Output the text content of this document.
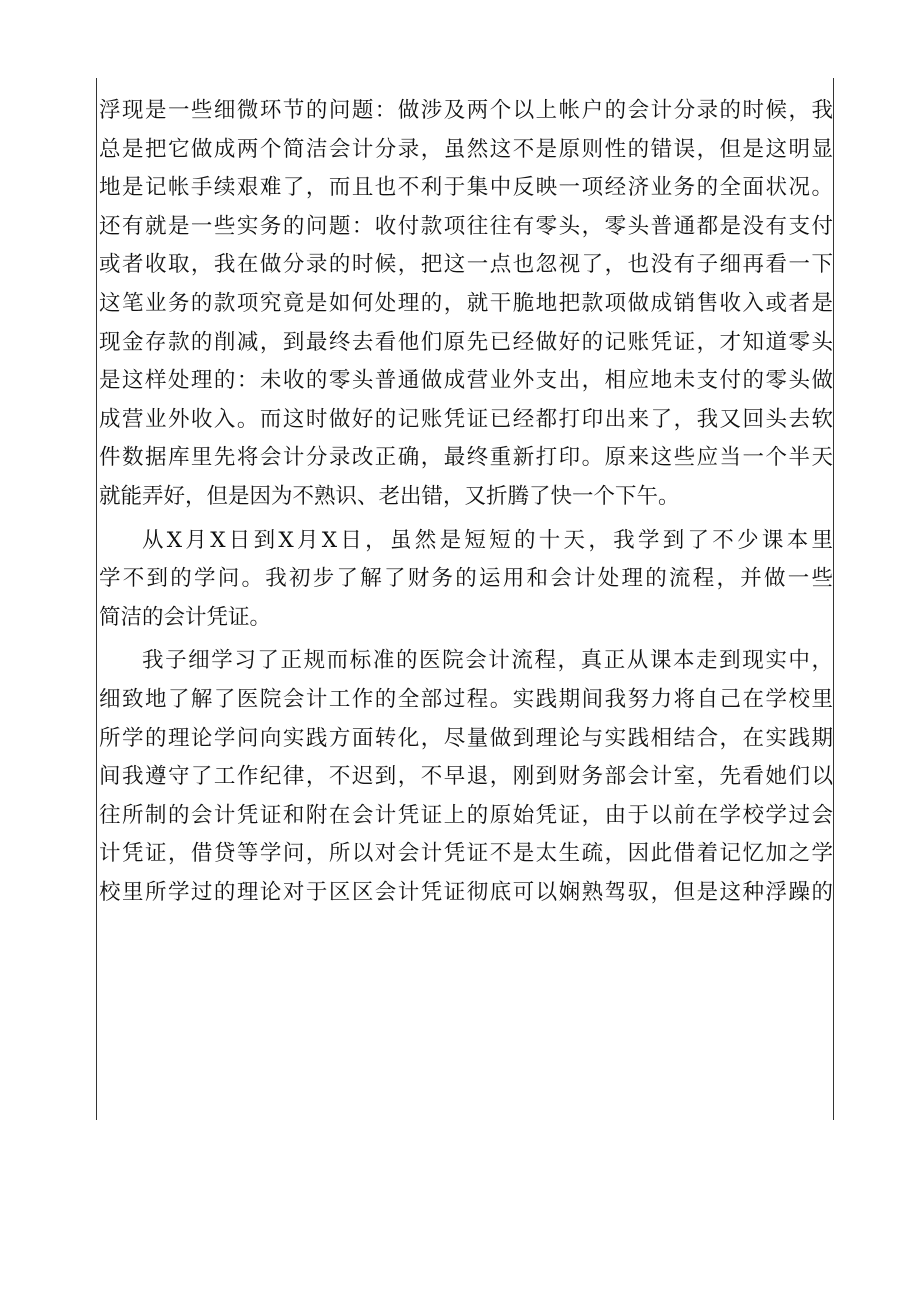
浮现是一些细微环节的问题：做涉及两个以上帐户的会计分录的时候，我
总是把它做成两个简洁会计分录，虽然这不是原则性的错误，但是这明显
地是记帐手续艰难了，而且也不利于集中反映一项经济业务的全面状况。
还有就是一些实务的问题：收付款项往往有零头，零头普通都是没有支付
或者收取，我在做分录的时候，把这一点也忽视了，也没有子细再看一下
这笔业务的款项究竟是如何处理的，就干脆地把款项做成销售收入或者是
现金存款的削减，到最终去看他们原先已经做好的记账凭证，才知道零头
是这样处理的：未收的零头普通做成营业外支出，相应地未支付的零头做
成营业外收入。而这时做好的记账凭证已经都打印出来了，我又回头去软
件数据库里先将会计分录改正确，最终重新打印。原来这些应当一个半天
就能弄好，但是因为不熟识、老出错，又折腾了快一个下午。

从X月X日到X月X日，虽然是短短的十天，我学到了不少课本里
学不到的学问。我初步了解了财务的运用和会计处理的流程，并做一些
简洁的会计凭证。

我子细学习了正规而标准的医院会计流程，真正从课本走到现实中，
细致地了解了医院会计工作的全部过程。实践期间我努力将自己在学校里
所学的理论学问向实践方面转化，尽量做到理论与实践相结合，在实践期
间我遵守了工作纪律，不迟到，不早退，刚到财务部会计室，先看她们以
往所制的会计凭证和附在会计凭证上的原始凭证，由于以前在学校学过会
计凭证，借贷等学问，所以对会计凭证不是太生疏，因此借着记忆加之学
校里所学过的理论对于区区会计凭证彻底可以娴熟驾驭，但是这种浮躁的
